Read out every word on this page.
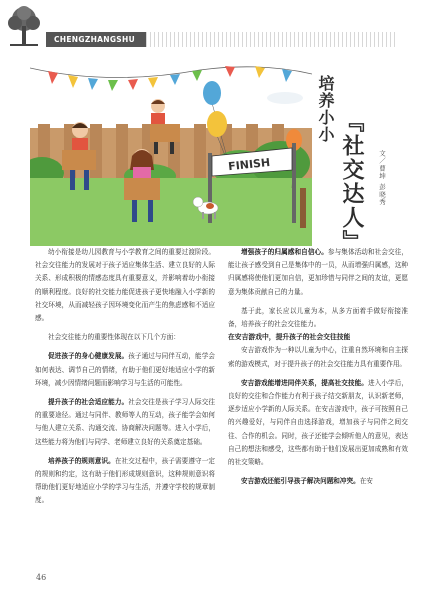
CHENGZHANGSHU
FINISH
培养小小
『社交达人』	文／曹坤 彭晓秀

幼小衔接是幼儿园教育与小学教育之间的重要过渡阶段。社会交往能力的发展对于孩子适应集体生活、建立良好的人际关系、形成积极的情感态度具有重要意义，并影响着幼小衔接的顺利程度。良好的社交能力能促进孩子更快地融入小学新的社交环境，从而减轻孩子因环境变化而产生的焦虑感和不适应感。

社会交往能力的重要性体现在以下几个方面：

促进孩子的身心健康发展。孩子通过与同伴互动，能学会如何表达、调节自己的情绪，有助于他们更好地适应小学的新环境，减少因情绪问题而影响学习与生活的可能性。

提升孩子的社会适应能力。社会交往是孩子学习人际交往的重要途径。通过与同伴、教师等人的互动，孩子能学会如何与他人建立关系、沟通交流、协商解决问题等。进入小学后，这些能力将为他们与同学、老师建立良好的关系奠定基础。

培养孩子的规则意识。在社交过程中，孩子需要遵守一定的规则和约定，这有助于他们形成规则意识，这种规则意识将帮助他们更好地适应小学的学习与生活，并遵守学校的规章制度。

增强孩子的归属感和自信心。参与集体活动和社会交往，能让孩子感受到自己是集体中的一员，从而增强归属感，这种归属感将使他们更加自信，更加珍惜与同伴之间的友谊，更愿意为集体贡献自己的力量。

基于此，家长应以儿童为本，从多方面着手做好衔接准备，培养孩子的社会交往能力。

在安吉游戏中，提升孩子的社会交往技能

安吉游戏作为一种以儿童为中心，注重自然环境和自主探索的游戏模式，对于提升孩子的社会交往能力具有重要作用。

安吉游戏能增进同伴关系，提高社交技能。进入小学后，良好的交往和合作能力有利于孩子结交新朋友，认识新老师，逐步适应小学新的人际关系。在安吉游戏中，孩子可按照自己的兴趣爱好，与同伴自由选择游戏，增加孩子与同伴之间交往、合作的机会。同时，孩子还能学会倾听他人的意见，表达自己的想法和感受，这些都有助于他们发展出更加成熟和有效的社交策略。

安吉游戏还能引导孩子解决问题和冲突。在安

46
